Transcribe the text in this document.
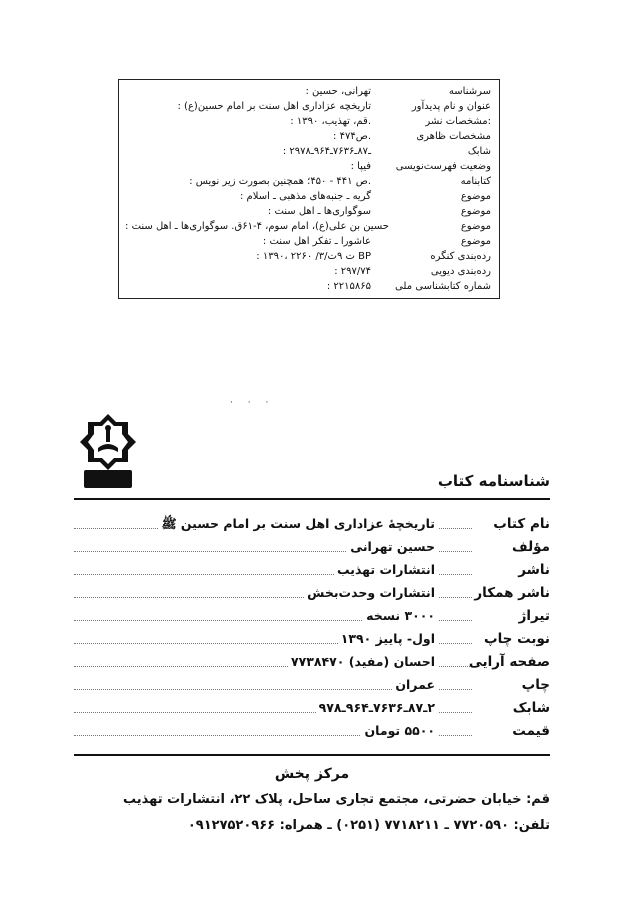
سرشناسه
: تهرانی، حسین
عنوان و نام پدیدآور
: تاریخچه عزاداری اهل سنت بر امام حسین(ع)
مشخصات نشر:
: قم، تهذیب، ۱۳۹۰.
مشخصات ظاهری
: ۴۷۴ص.
شابک
: ۲ـ۸۷ـ۷۶۳۶ـ۹۶۴ـ۹۷۸
وضعیت فهرست‌نویسی
: فیپا
کتابنامه
: ص ۴۴۱ - ۴۵۰؛ همچنین بصورت زیر نویس.
موضوع
: گریه ـ جنبه‌های مذهبی ـ اسلام
موضوع
: سوگواری‌ها ـ اهل سنت
موضوع
: حسین بن علی(ع)، امام سوم، ۴-۶۱ق. سوگواری‌ها ـ اهل سنت
موضوع
: عاشورا ـ تفکر اهل سنت
ردەبندی کنگره
: ۱۳۹۰، ۲ت ۹ت/۳/ ۲۶۰ BP
ردەبندی دیویی
: ۲۹۷/۷۴
شماره کتابشناسی ملی
: ۲۲۱۵۸۶۵
· · ·
شناسنامه کتاب
نام کتاب
تاریخچهٔ عزاداری اهل سنت بر امام حسین ﷺ
مؤلف
حسین تهرانی
ناشر
انتشارات تهذیب
ناشر همکار
انتشارات وحدت‌بخش
تیراژ
۳۰۰۰ نسخه
نوبت چاپ
اول- پاییز ۱۳۹۰
صفحه آرایی
احسان (مفید) ۷۷۳۸۴۷۰
چاپ
عمران
شابک
۲ـ۸۷ـ۷۶۳۶ـ۹۶۴ـ۹۷۸
قیمت
۵۵۰۰ تومان
مرکز پخش
قم: خیابان حضرتی، مجتمع تجاری ساحل، پلاک ۲۲، انتشارات تهذیب
تلفن: ۷۷۲۰۵۹۰ ـ ۷۷۱۸۲۱۱ (۰۲۵۱) ـ همراه: ۰۹۱۲۷۵۲۰۹۶۶
